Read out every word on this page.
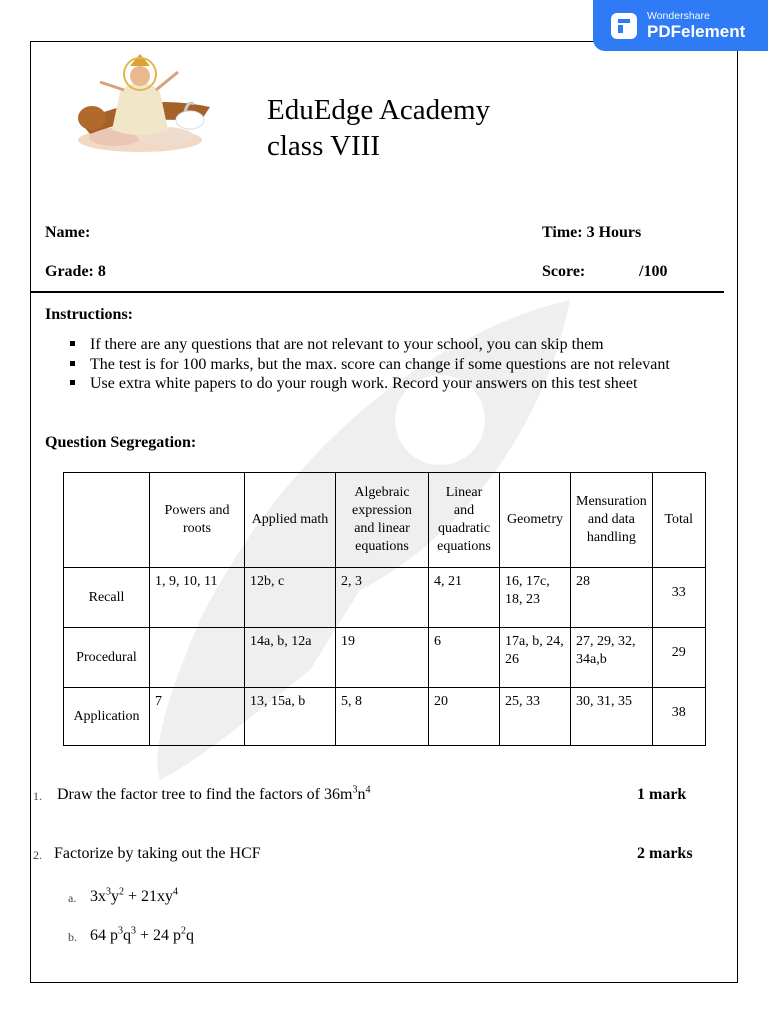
Wondershare
PDFelement
EduEdge Academy
class VIII
Name:	Time: 3 Hours
Grade: 8	Score:	/100
Instructions:
If there are any questions that are not relevant to your school, you can skip them
The test is for 100 marks, but the max. score can change if some questions are not relevant
Use extra white papers to do your rough work. Record your answers on this test sheet
Question Segregation:
	Powers and roots	Applied math	Algebraic expression and linear equations	Linear and quadratic equations	Geometry	Mensuration and data handling	Total
Recall	1, 9, 10, 11	12b, c	2, 3	4, 21	16, 17c, 18, 23	28	33
Procedural		14a, b, 12a	19	6	17a, b, 24, 26	27, 29, 32, 34a,b	29
Application	7	13, 15a, b	5, 8	20	25, 33	30, 31, 35	38
1. Draw the factor tree to find the factors of $36m^3n^4$	1 mark
2. Factorize by taking out the HCF	2 marks
a. $3x^3y^2 + 21xy^4$
b. 64 $p^3q^3 + 24$ $p^2q$
